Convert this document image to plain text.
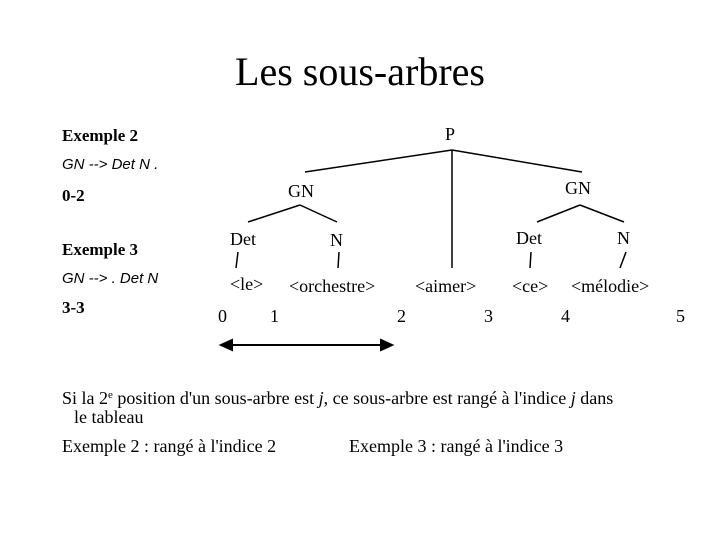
Les sous-arbres
Exemple 2
GN --> Det N .
0-2
Exemple 3
GN --> . Det N
3-3
P
GN	GN
Det	N	Det	N
<le> <orchestre> <aimer> <ce> <mélodie>
0 1	2	3	4	5
Si la 2e position d'un sous-arbre est j, ce sous-arbre est rangé à l'indice j dans
le tableau
Exemple 2 : rangé à l'indice 2	Exemple 3 : rangé à l'indice 3
